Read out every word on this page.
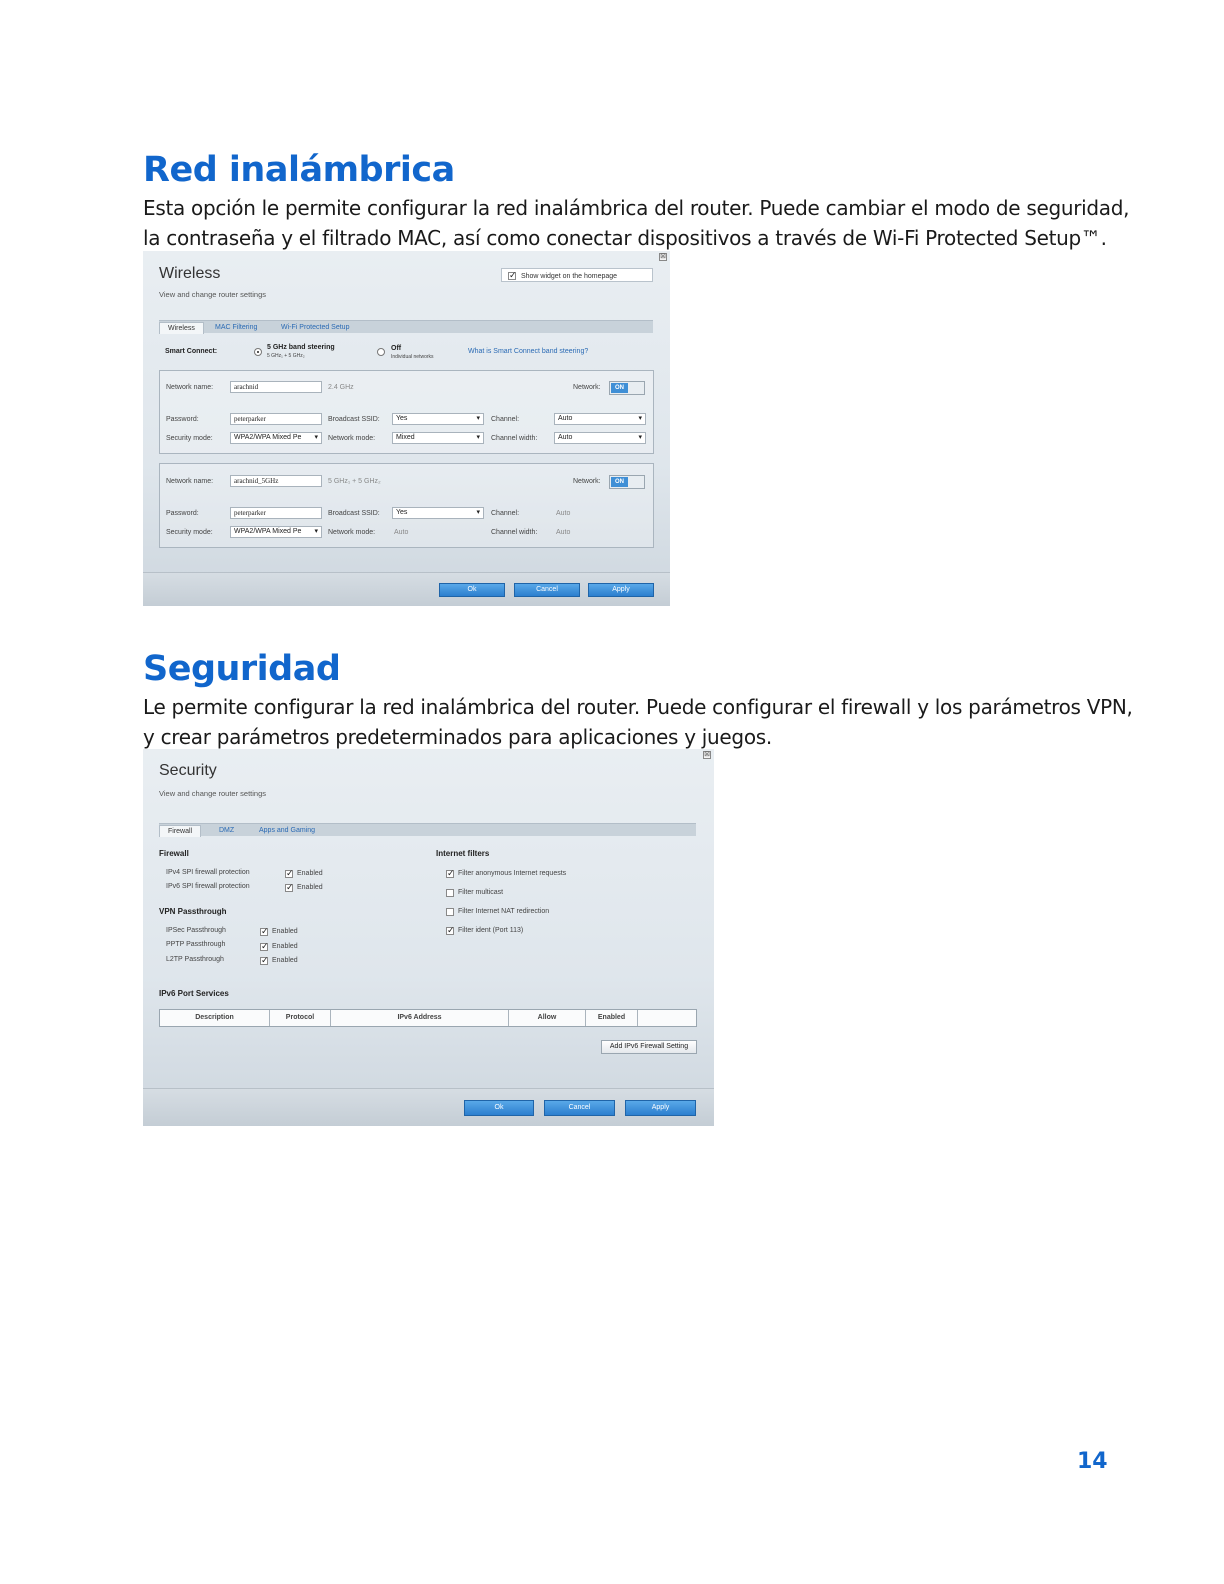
Red inalámbrica

Esta opción le permite configurar la red inalámbrica del router. Puede cambiar el modo de seguridad,

la contraseña y el filtrado MAC, así como conectar dispositivos a través de Wi-Fi Protected Setup™.

⊠
Wireless
View and change router settings
✓ Show widget on the homepage
Wireless	MAC Filtering	Wi-Fi Protected Setup
Smart Connect:
5 GHz band steering
5 GHz₁ + 5 GHz₂
Off
Individual networks
What is Smart Connect band steering?
Network name:	arachnid	2.4 GHz	Network:	ON
Password:	peterparker	Broadcast SSID:	Yes ▾	Channel:	Auto ▾
Security mode:	WPA2/WPA Mixed Pe ▾	Network mode:	Mixed ▾	Channel width:	Auto ▾
Network name:	arachnid_5GHz	5 GHz₁ + 5 GHz₂	Network:	ON
Password:	peterparker	Broadcast SSID:	Yes ▾	Channel:	Auto
Security mode:	WPA2/WPA Mixed Pe ▾	Network mode:	Auto	Channel width:	Auto
Ok	Cancel	Apply
Seguridad

Le permite configurar la red inalámbrica del router. Puede configurar el firewall y los parámetros VPN,

y crear parámetros predeterminados para aplicaciones y juegos.

⊠
Security
View and change router settings
Firewall	DMZ	Apps and Gaming
Firewall
IPv4 SPI firewall protection ✓	Enabled
IPv6 SPI firewall protection ✓	Enabled
VPN Passthrough
IPSec Passthrough ✓	Enabled
PPTP Passthrough ✓	Enabled
L2TP Passthrough ✓	Enabled
Internet filters
✓
Filter anonymous Internet requests
Filter multicast
Filter Internet NAT redirection
✓
Filter ident (Port 113)
IPv6 Port Services
Description	Protocol	IPv6 Address	Allow	Enabled
Add IPv6 Firewall Setting
Ok	Cancel	Apply
14
